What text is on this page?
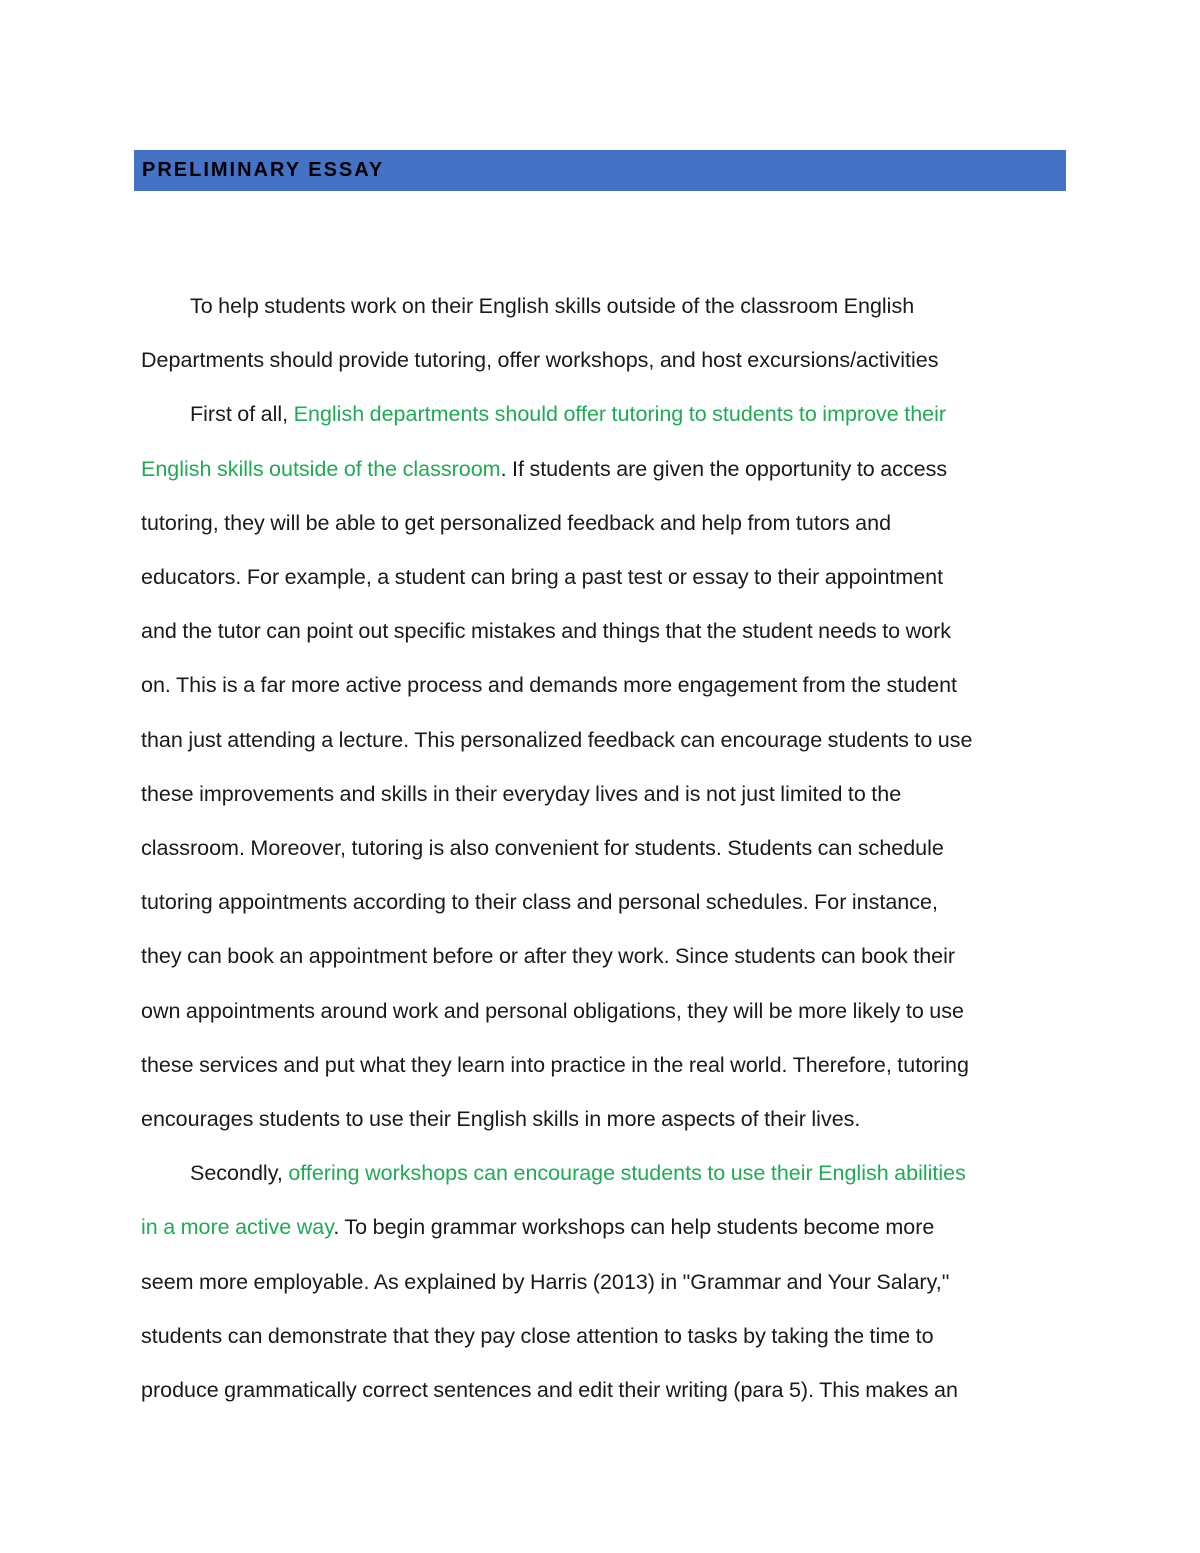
PRELIMINARY ESSAY

To help students work on their English skills outside of the classroom English
Departments should provide tutoring, offer workshops, and host excursions/activities

First of all, English departments should offer tutoring to students to improve their
English skills outside of the classroom. If students are given the opportunity to access
tutoring, they will be able to get personalized feedback and help from tutors and
educators. For example, a student can bring a past test or essay to their appointment
and the tutor can point out specific mistakes and things that the student needs to work
on. This is a far more active process and demands more engagement from the student
than just attending a lecture. This personalized feedback can encourage students to use
these improvements and skills in their everyday lives and is not just limited to the
classroom. Moreover, tutoring is also convenient for students. Students can schedule
tutoring appointments according to their class and personal schedules. For instance,
they can book an appointment before or after they work. Since students can book their
own appointments around work and personal obligations, they will be more likely to use
these services and put what they learn into practice in the real world. Therefore, tutoring
encourages students to use their English skills in more aspects of their lives.

Secondly, offering workshops can encourage students to use their English abilities
in a more active way. To begin grammar workshops can help students become more
seem more employable. As explained by Harris (2013) in "Grammar and Your Salary,"
students can demonstrate that they pay close attention to tasks by taking the time to
produce grammatically correct sentences and edit their writing (para 5). This makes an
